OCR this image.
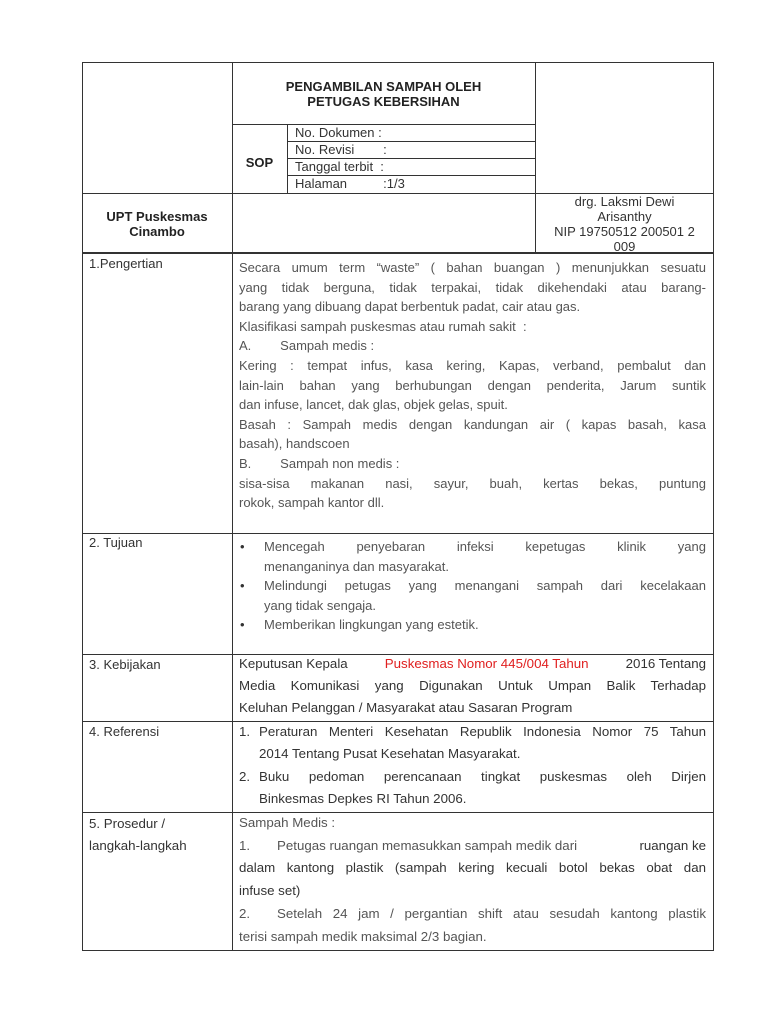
PENGAMBILAN SAMPAH OLEH
PETUGAS KEBERSIHAN
SOP
No. Dokumen :
No. Revisi        :
Tanggal terbit  :
Halaman          :1/3
UPT Puskesmas
Cinambo
drg. Laksmi Dewi
Arisanthy
NIP 19750512 200501 2
009
1.Pengertian	Secara umum term “waste” ( bahan buangan ) menunjukkan sesuatu
yang tidak berguna, tidak terpakai, tidak dikehendaki atau barang-
barang yang dibuang dapat berbentuk padat, cair atau gas.
Klasifikasi sampah puskesmas atau rumah sakit  :
A.        Sampah medis :
Kering : tempat infus, kasa kering, Kapas, verband, pembalut dan
lain-lain bahan yang berhubungan dengan penderita, Jarum suntik
dan infuse, lancet, dak glas, objek gelas, spuit.
Basah : Sampah medis dengan kandungan air ( kapas basah, kasa
basah), handscoen
B.        Sampah non medis :
sisa-sisa makanan nasi, sayur, buah, kertas bekas, puntung
rokok, sampah kantor dll.
2. Tujuan
•	Mencegah penyebaran infeksi kepetugas klinik yang
menanganinya dan masyarakat.
• Melindungi petugas yang menangani sampah dari kecelakaan
yang tidak sengaja.
• Memberikan lingkungan yang estetik.
3. Kebijakan	Keputusan Kepala	Puskesmas Nomor 445/004 Tahun	2016 Tentang
Media Komunikasi yang Digunakan Untuk Umpan Balik Terhadap
Keluhan Pelanggan / Masyarakat atau Sasaran Program
4. Referensi	1. Peraturan Menteri Kesehatan Republik Indonesia Nomor 75 Tahun
2014 Tentang Pusat Kesehatan Masyarakat.
2. Buku pedoman perencanaan tingkat puskesmas oleh Dirjen
Binkesmas Depkes RI Tahun 2006.
5. Prosedur /
langkah-langkah
Sampah Medis :
1.	Petugas ruangan memasukkan sampah medik dari	ruangan ke
dalam kantong plastik (sampah kering kecuali botol bekas obat dan
infuse set)
2.	Setelah 24 jam / pergantian shift atau sesudah kantong plastik
terisi sampah medik maksimal 2/3 bagian.
